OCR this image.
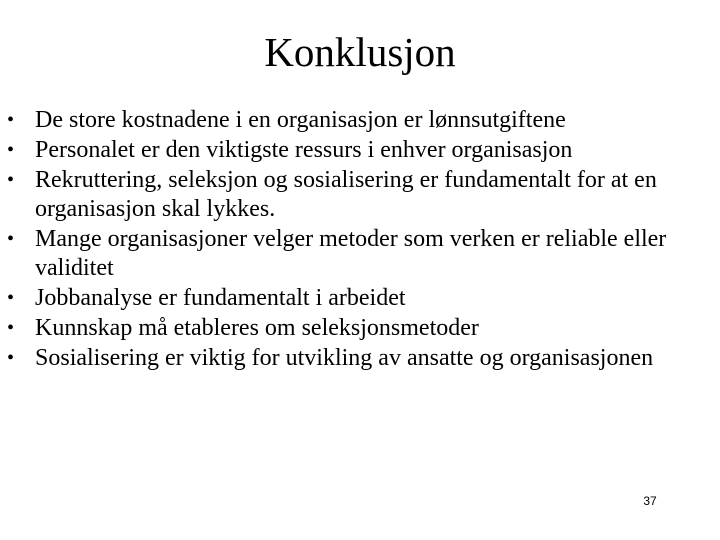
Konklusjon
• De store kostnadene i en organisasjon er lønnsutgiftene
• Personalet er den viktigste ressurs i enhver organisasjon
• Rekruttering, seleksjon og sosialisering er fundamentalt for at en organisasjon skal lykkes.
• Mange organisasjoner velger metoder som verken er reliable eller validitet
• Jobbanalyse er fundamentalt i arbeidet
• Kunnskap må etableres om seleksjonsmetoder
• Sosialisering er viktig for utvikling av ansatte og organisasjonen
37
